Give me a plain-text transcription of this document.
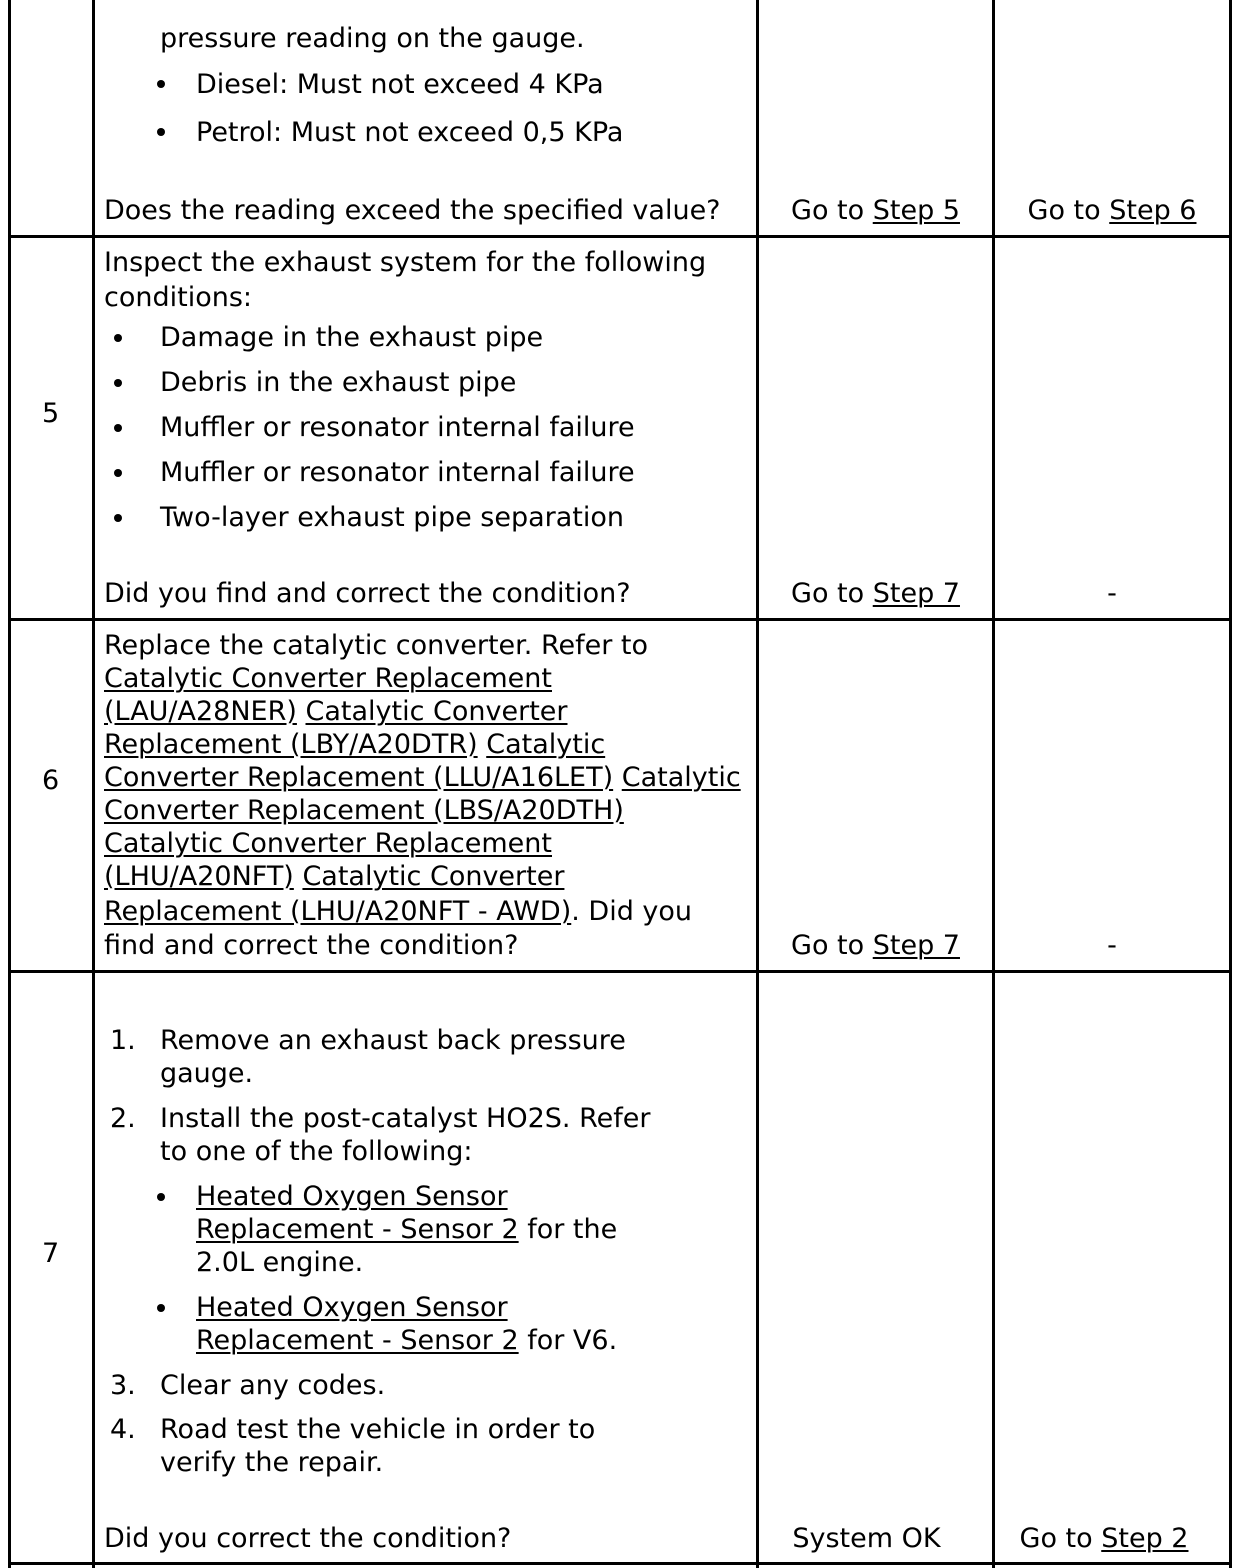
pressure reading on the gauge.
Diesel: Must not exceed 4 KPa
Petrol: Must not exceed 0,5 KPa
Does the reading exceed the specified value?	Go to Step 5	Go to Step 6
5
Inspect the exhaust system for the following
conditions:
Damage in the exhaust pipe
Debris in the exhaust pipe
Muffler or resonator internal failure
Muffler or resonator internal failure
Two-layer exhaust pipe separation
Did you find and correct the condition?	Go to Step 7	-
6
Replace the catalytic converter. Refer to
Catalytic Converter Replacement
(LAU/A28NER) Catalytic Converter
Replacement (LBY/A20DTR) Catalytic
Converter Replacement (LLU/A16LET) Catalytic
Converter Replacement (LBS/A20DTH)
Catalytic Converter Replacement
(LHU/A20NFT) Catalytic Converter
Replacement (LHU/A20NFT - AWD). Did you
find and correct the condition?	Go to Step 7	-
7
1. Remove an exhaust back pressure
gauge.
2. Install the post-catalyst HO2S. Refer
to one of the following:
Heated Oxygen Sensor
Replacement - Sensor 2 for the
2.0L engine.
Heated Oxygen Sensor
Replacement - Sensor 2 for V6.
3. Clear any codes.
4. Road test the vehicle in order to
verify the repair.
Did you correct the condition?	System OK	Go to Step 2
